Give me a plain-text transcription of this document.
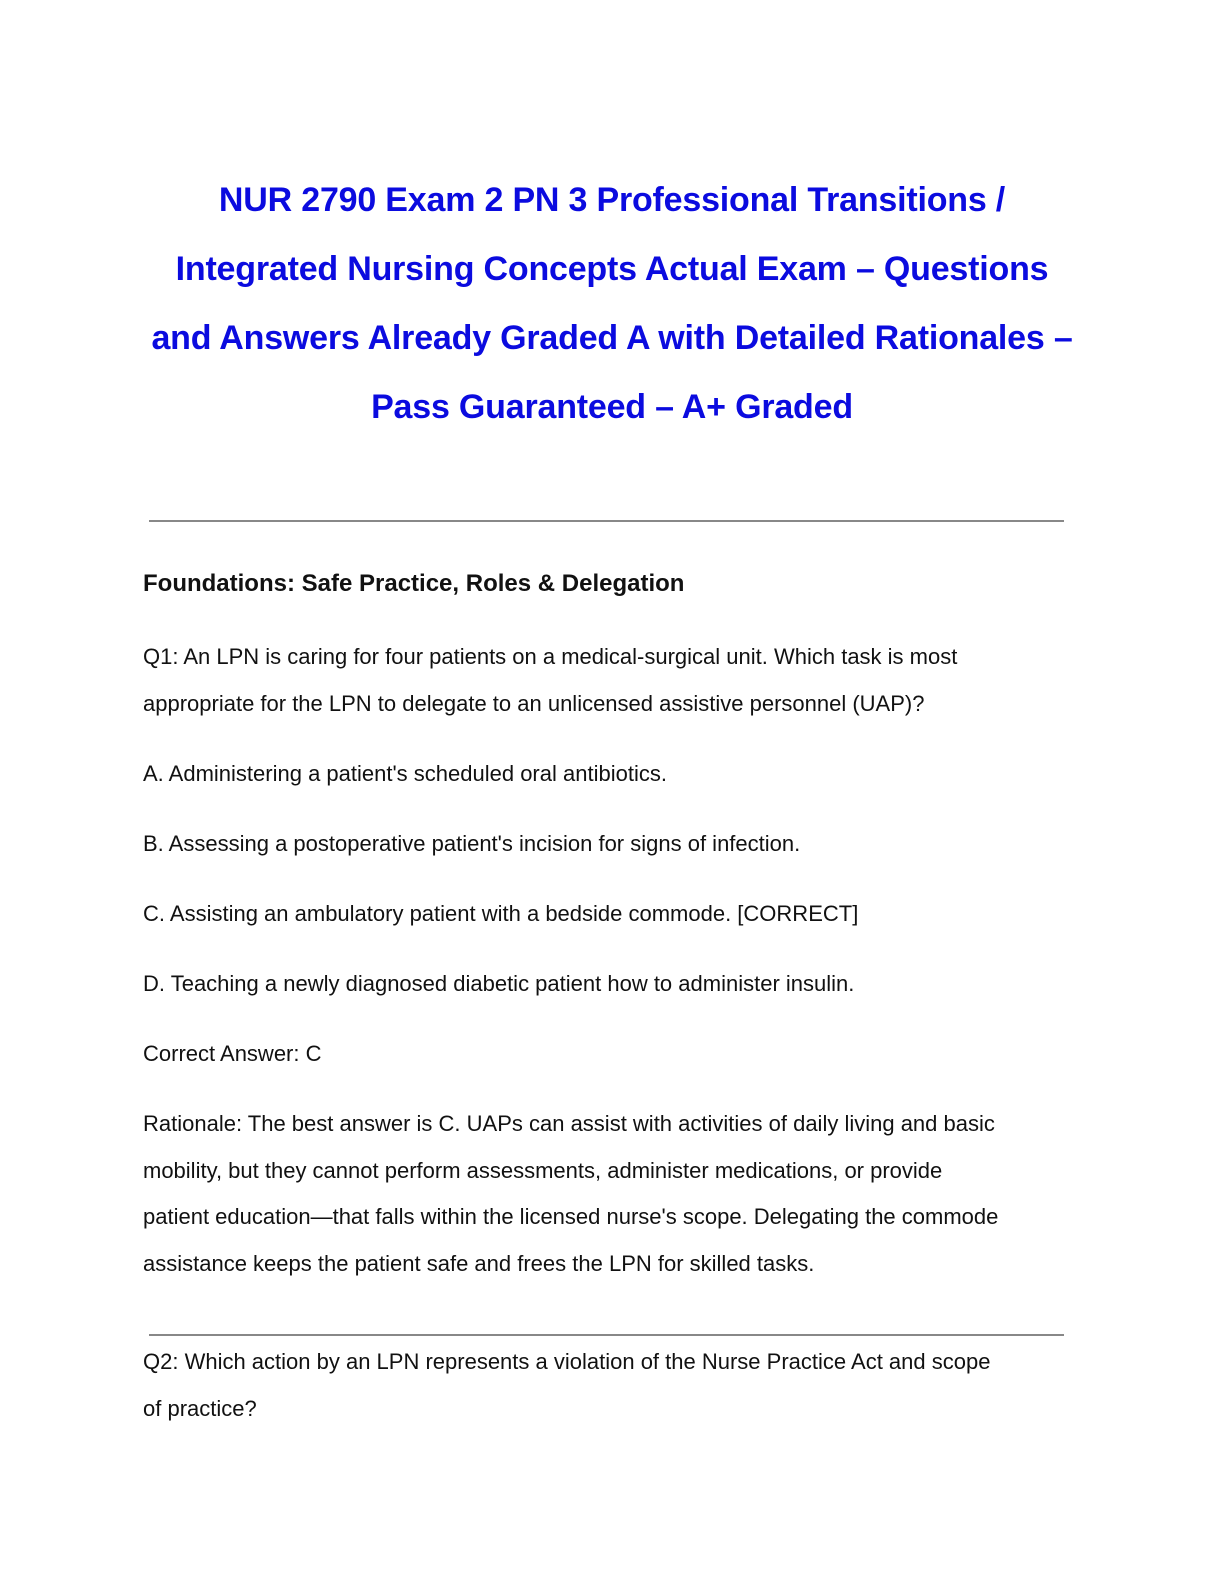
NUR 2790 Exam 2 PN 3 Professional Transitions /
Integrated Nursing Concepts Actual Exam – Questions
and Answers Already Graded A with Detailed Rationales –
Pass Guaranteed – A+ Graded
Foundations: Safe Practice, Roles & Delegation
Q1: An LPN is caring for four patients on a medical-surgical unit. Which task is most
appropriate for the LPN to delegate to an unlicensed assistive personnel (UAP)?
A. Administering a patient's scheduled oral antibiotics.
B. Assessing a postoperative patient's incision for signs of infection.
C. Assisting an ambulatory patient with a bedside commode. [CORRECT]
D. Teaching a newly diagnosed diabetic patient how to administer insulin.
Correct Answer: C
Rationale: The best answer is C. UAPs can assist with activities of daily living and basic
mobility, but they cannot perform assessments, administer medications, or provide
patient education—that falls within the licensed nurse's scope. Delegating the commode
assistance keeps the patient safe and frees the LPN for skilled tasks.
Q2: Which action by an LPN represents a violation of the Nurse Practice Act and scope
of practice?
